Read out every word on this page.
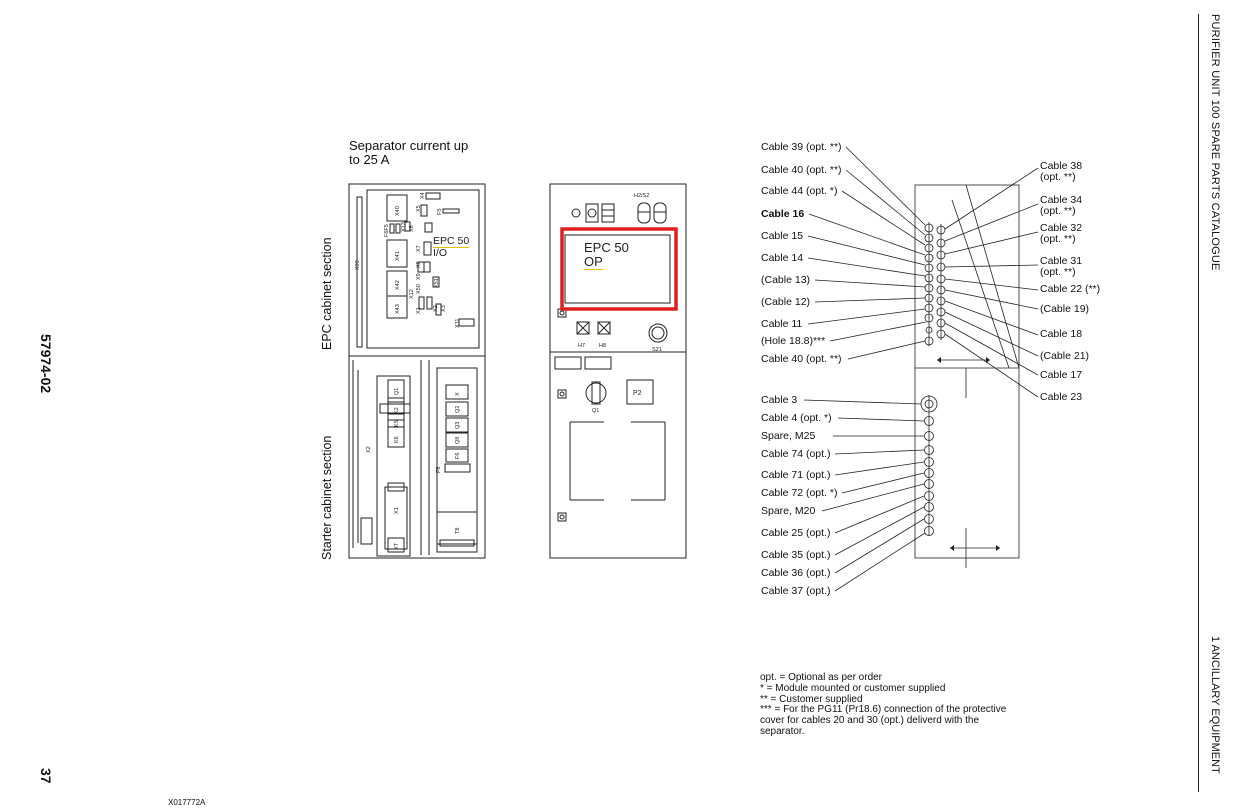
PURIFIER UNIT 100 SPARE PARTS CATALOGUE
1 ANCILLARY EQUIPMENT
57974-02
37
X017772A
Separator current up
to 25 A
EPC cabinet section
Starter cabinet section
X40
X41
X42
X43
X99
X4
X5	F5
X6
X13
F6F5
X7
X8
X9
X50
X12
X51
X2 X3
X1
X11
Q1
K2
K5
K6
X2
X1
XT
X
Q2
Q3
Q8
F6
F8
T8
EPC 50
I/O
H2/S2
H7	H8
S21
P2
Q1
EPC 50
OP
Cable 39 (opt. **)
Cable 40 (opt. **)
Cable 44 (opt. *)
Cable 16
Cable 15
Cable 14
(Cable 13)
(Cable 12)
Cable 11
(Hole 18.8)***
Cable 40 (opt. **)
Cable 3
Cable 4 (opt. *)
Spare, M25
Cable 74 (opt.)
Cable 71 (opt.)
Cable 72 (opt. *)
Spare, M20
Cable 25 (opt.)
Cable 35 (opt.)
Cable 36 (opt.)
Cable 37 (opt.)
Cable 38
(opt. **)
Cable 34
(opt. **)
Cable 32
(opt. **)
Cable 31
(opt. **)
Cable 22 (**)
(Cable 19)
Cable 18
(Cable 21)
Cable 17
Cable 23
opt. = Optional as per order
* = Module mounted or customer supplied
** = Customer supplied
*** = For the PG11 (Pr18.6) connection of the protective
cover for cables 20 and 30 (opt.) deliverd with the
separator.
